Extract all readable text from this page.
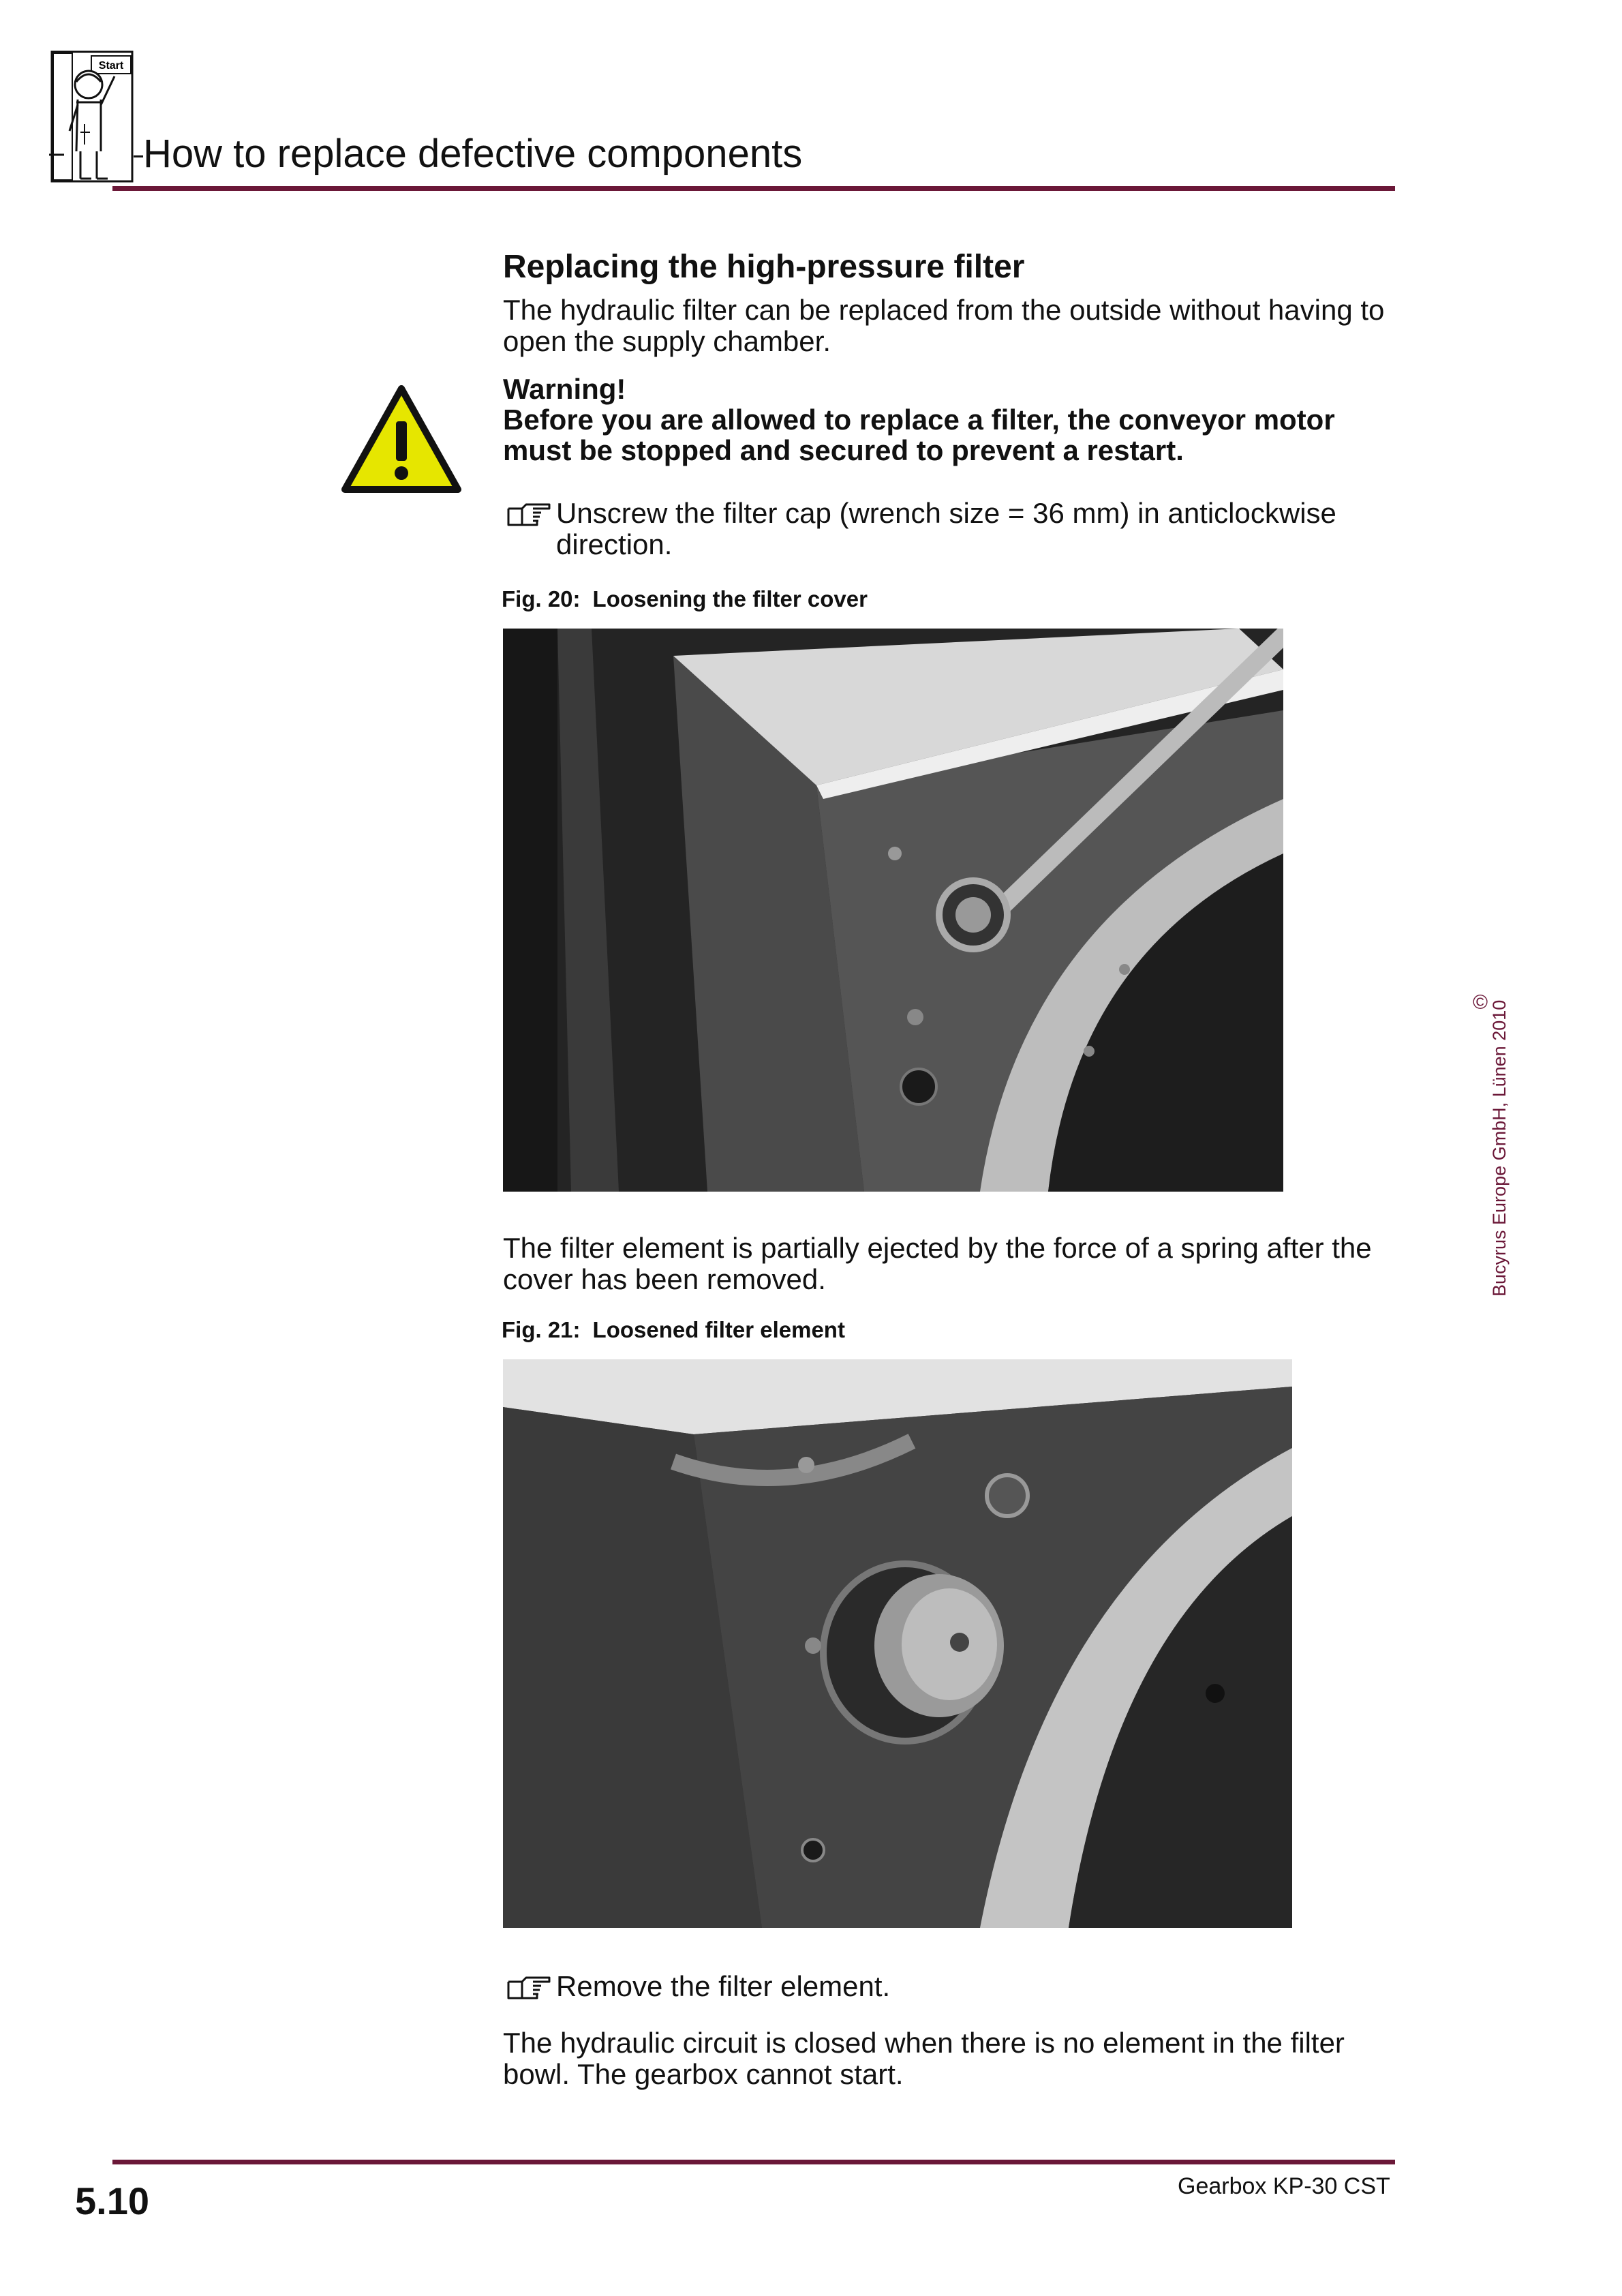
Start
How to replace defective components
Replacing the high-pressure filter
The hydraulic filter can be replaced from the outside without having to open the supply chamber.
Warning!
Before you are allowed to replace a filter, the conveyor motor must be stopped and secured to prevent a restart.
Unscrew the filter cap (wrench size = 36 mm) in anticlockwise direction.
Fig. 20: Loosening the filter cover
The filter element is partially ejected by the force of a spring after the cover has been removed.
Fig. 21: Loosened filter element
Remove the filter element.
The hydraulic circuit is closed when there is no element in the filter bowl. The gearbox cannot start.
© Bucyrus Europe GmbH, Lünen 2010
5.10	Gearbox KP-30 CST
